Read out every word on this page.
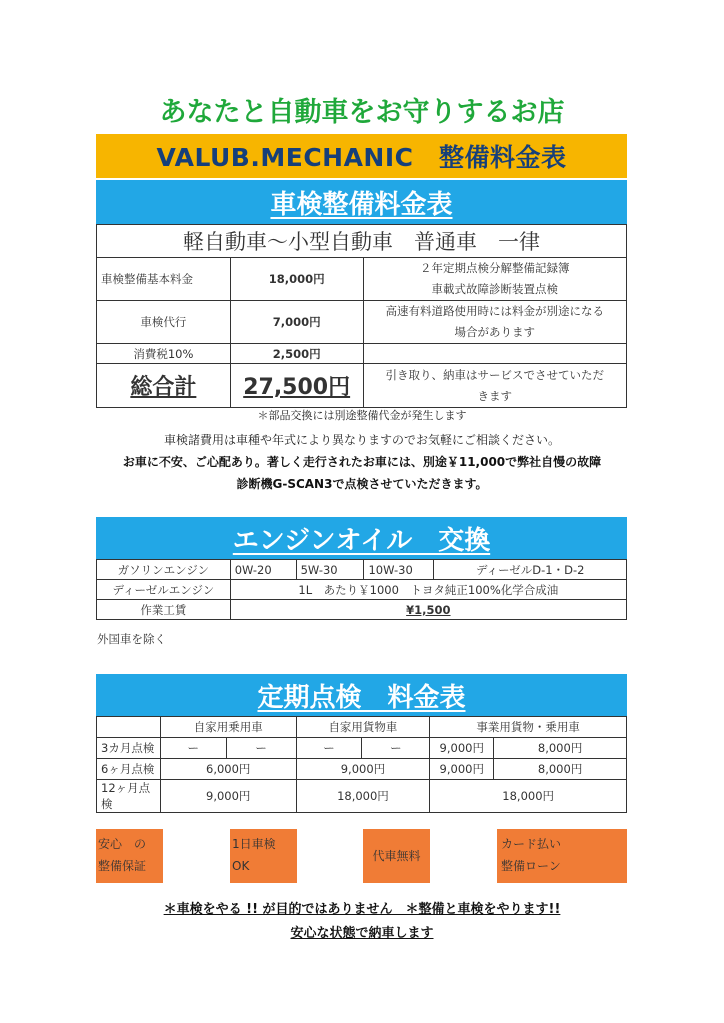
あなたと自動車をお守りするお店
VALUB.MECHANIC　整備料金表
車検整備料金表
軽自動車～小型自動車　普通車　一律		
車検整備基本料金	18,000円	２年定期点検分解整備記録簿
車載式故障診断装置点検

車検代行	7,000円	高速有料道路使用時には料金が別途になる
場合があります

消費税10%	2,500円	
総合計	27,500円	引き取り、納車はサービスでさせていただ
きます
＊部品交換には別途整備代金が発生します
車検諸費用は車種や年式により異なりますのでお気軽にご相談ください。
お車に不安、ご心配あり。著しく走行されたお車には、別途￥11,000で弊社自慢の故障
診断機G-SCAN3で点検させていただきます。
エンジンオイル　交換
ガソリンエンジン	0W-20	5W-30	10W-30	ディーゼルD-1・D-2
ディーゼルエンジン	1L　あたり￥1000　トヨタ純正100%化学合成油			
作業工賃	¥1,500			
外国車を除く
定期点検　料金表
	自家用乗用車		自家用貨物車		事業用貨物・乗用車	
3カ月点検	ー	ー	ー	ー	9,000円	8,000円
6ヶ月点検	6,000円		9,000円		9,000円	8,000円
12ヶ月点検	9,000円		18,000円		18,000円	
安心　の
整備保証
1日車検
OK
代車無料
カード払い
整備ローン
＊車検をやる !! が目的ではありません　＊整備と車検をやります!!
安心な状態で納車します
